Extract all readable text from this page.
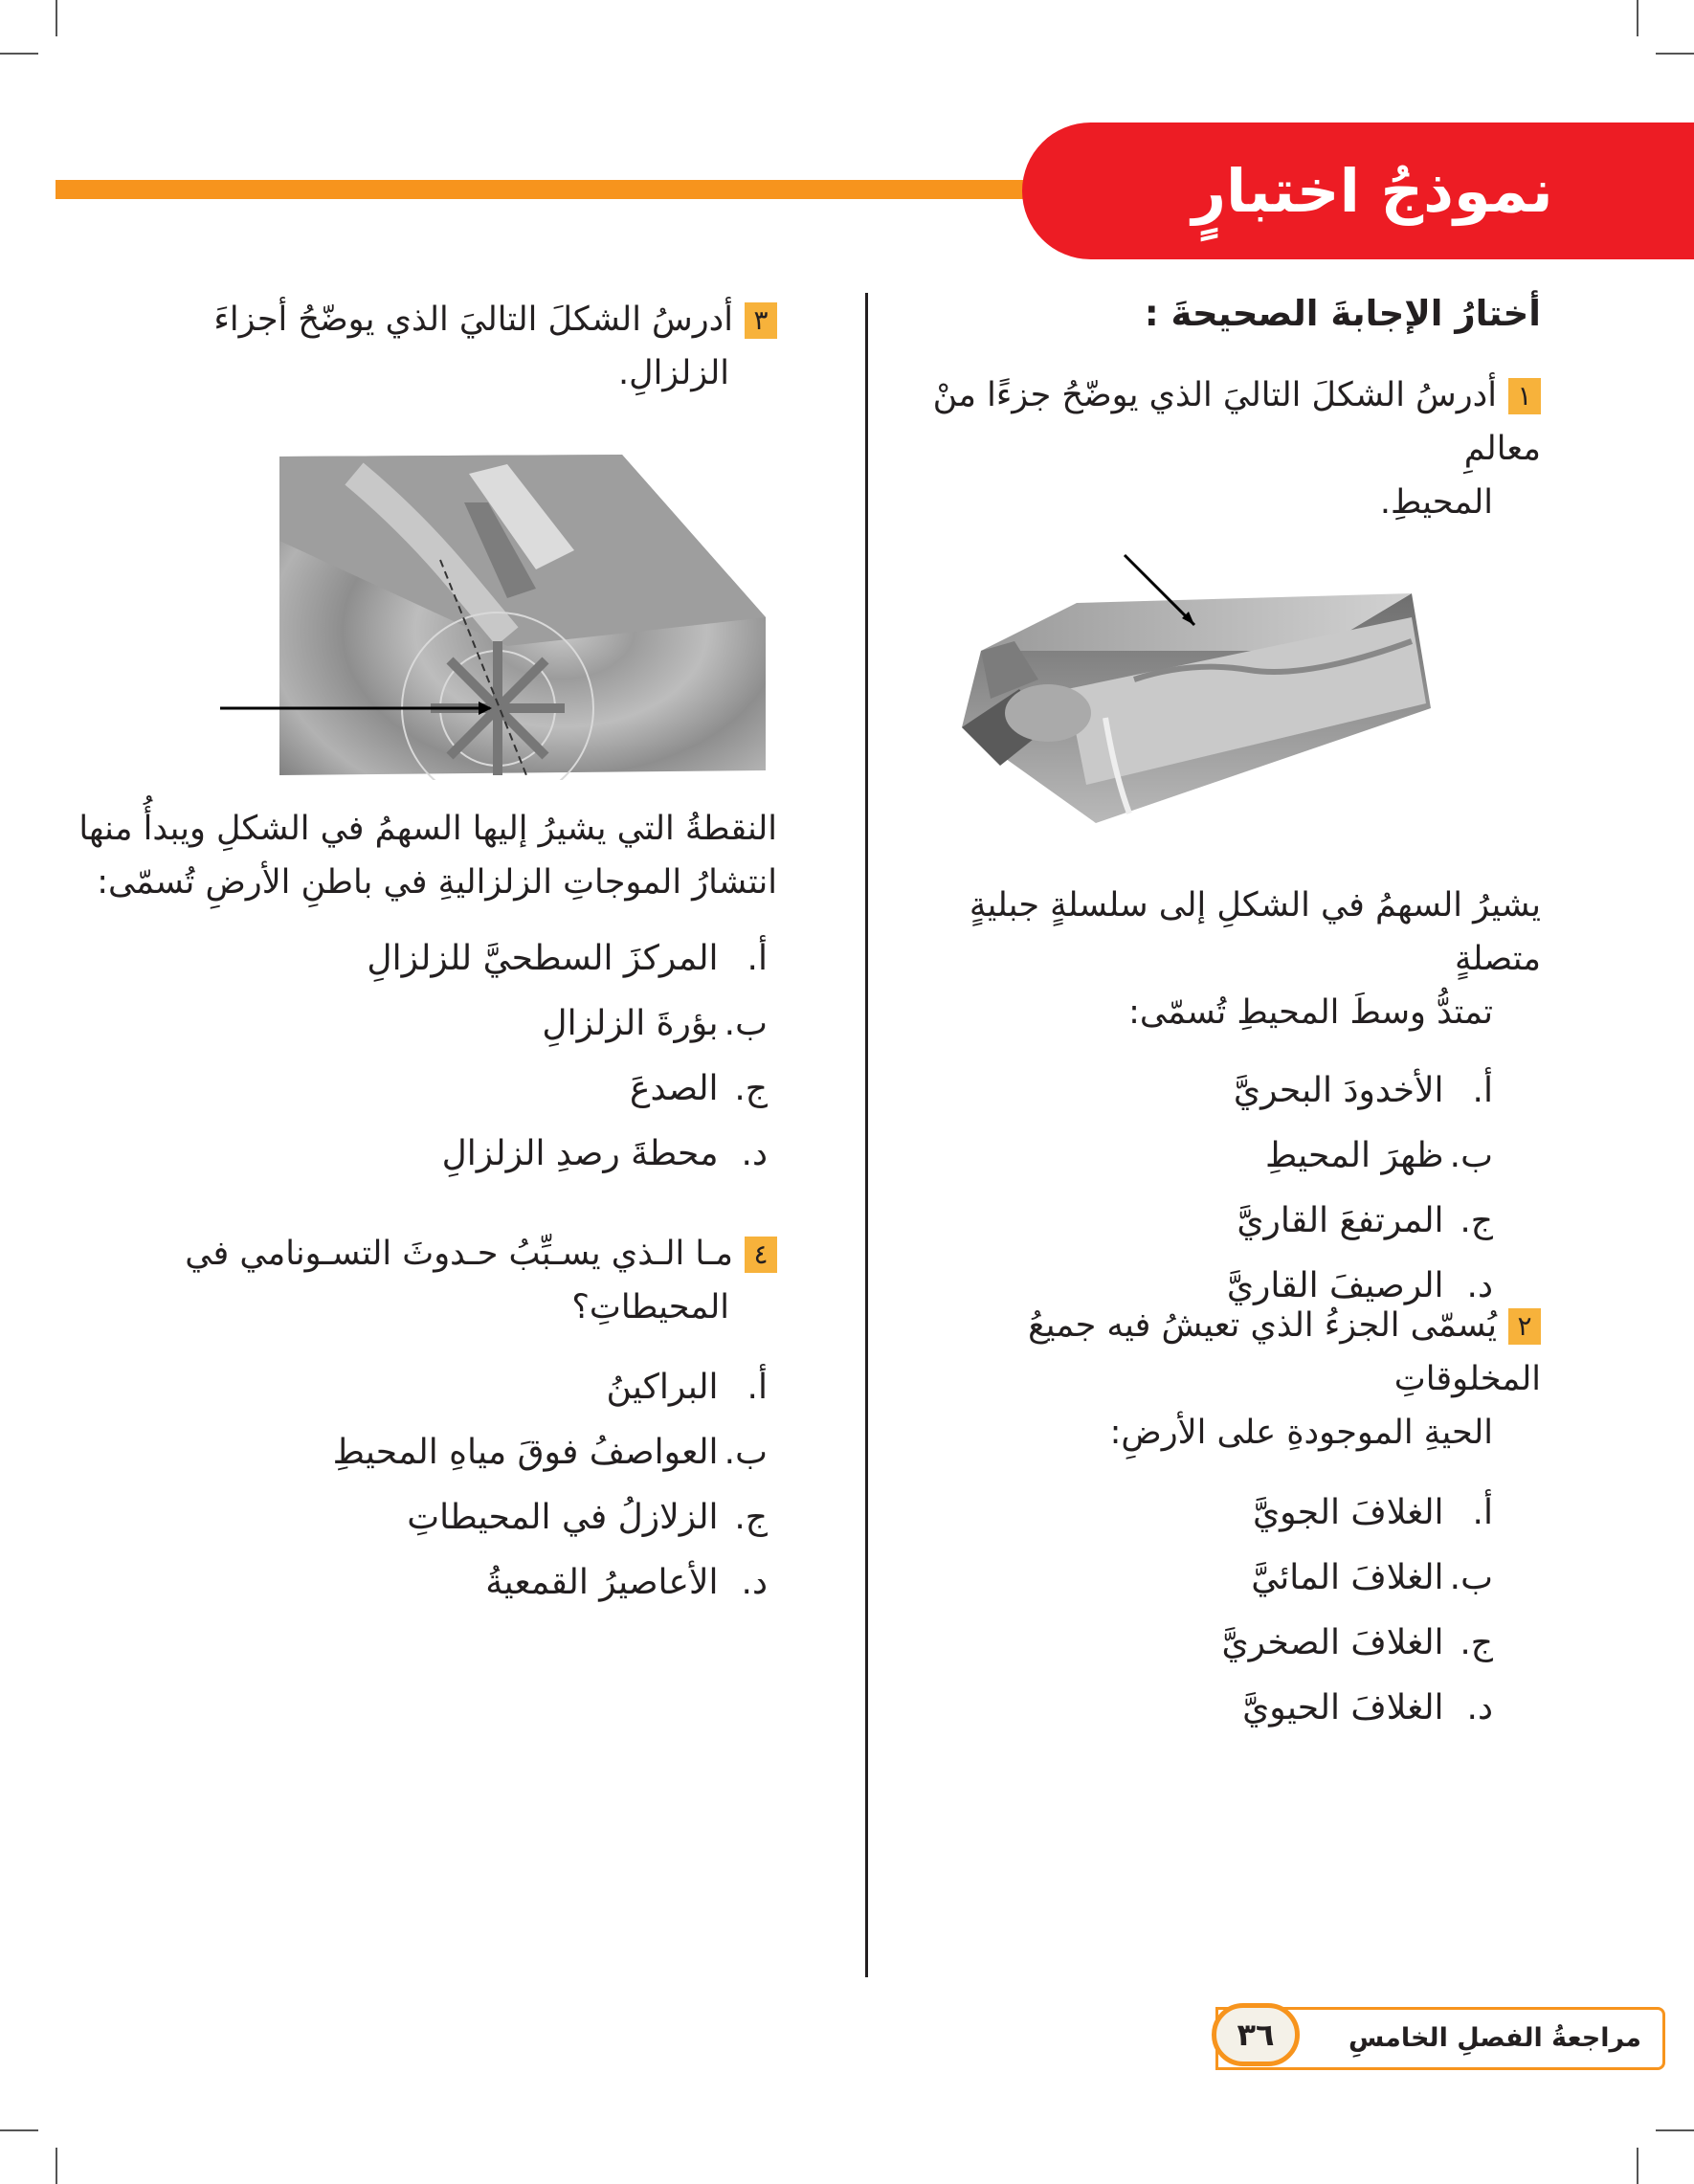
نموذجُ اختبارٍ
أختارُ الإجابةَ الصحيحةَ :

١أدرسُ الشكلَ التاليَ الذي يوضّحُ جزءًا منْ معالمِ
المحيطِ.

يشيرُ السهمُ في الشكلِ إلى سلسلةٍ جبليةٍ متصلةٍ
تمتدُّ وسطَ المحيطِ تُسمّى:

أ. الأخدودَ البحريَّ
ب. ظهرَ المحيطِ
ج. المرتفعَ القاريَّ
د. الرصيفَ القاريَّ

٢يُسمّى الجزءُ الذي تعيشُ فيه جميعُ المخلوقاتِ
الحيةِ الموجودةِ على الأرضِ:

أ. الغلافَ الجويَّ
ب. الغلافَ المائيَّ
ج. الغلافَ الصخريَّ
د. الغلافَ الحيويَّ

٣أدرسُ الشكلَ التاليَ الذي يوضّحُ أجزاءَ
الزلزالِ.

النقطةُ التي يشيرُ إليها السهمُ في الشكلِ ويبدأُ منها
انتشارُ الموجاتِ الزلزاليةِ في باطنِ الأرضِ تُسمّى:

أ. المركزَ السطحيَّ للزلزالِ
ب. بؤرةَ الزلزالِ
ج. الصدعَ
د. محطةَ رصدِ الزلزالِ

٤مـا الـذي يسـبِّبُ حـدوثَ التسـونامي في
المحيطاتِ؟

أ. البراكينُ
ب. العواصفُ فوقَ مياهِ المحيطِ
ج. الزلازلُ في المحيطاتِ
د. الأعاصيرُ القمعيةُ
مراجعةُ الفصلِ الخامسِ
٣٦
